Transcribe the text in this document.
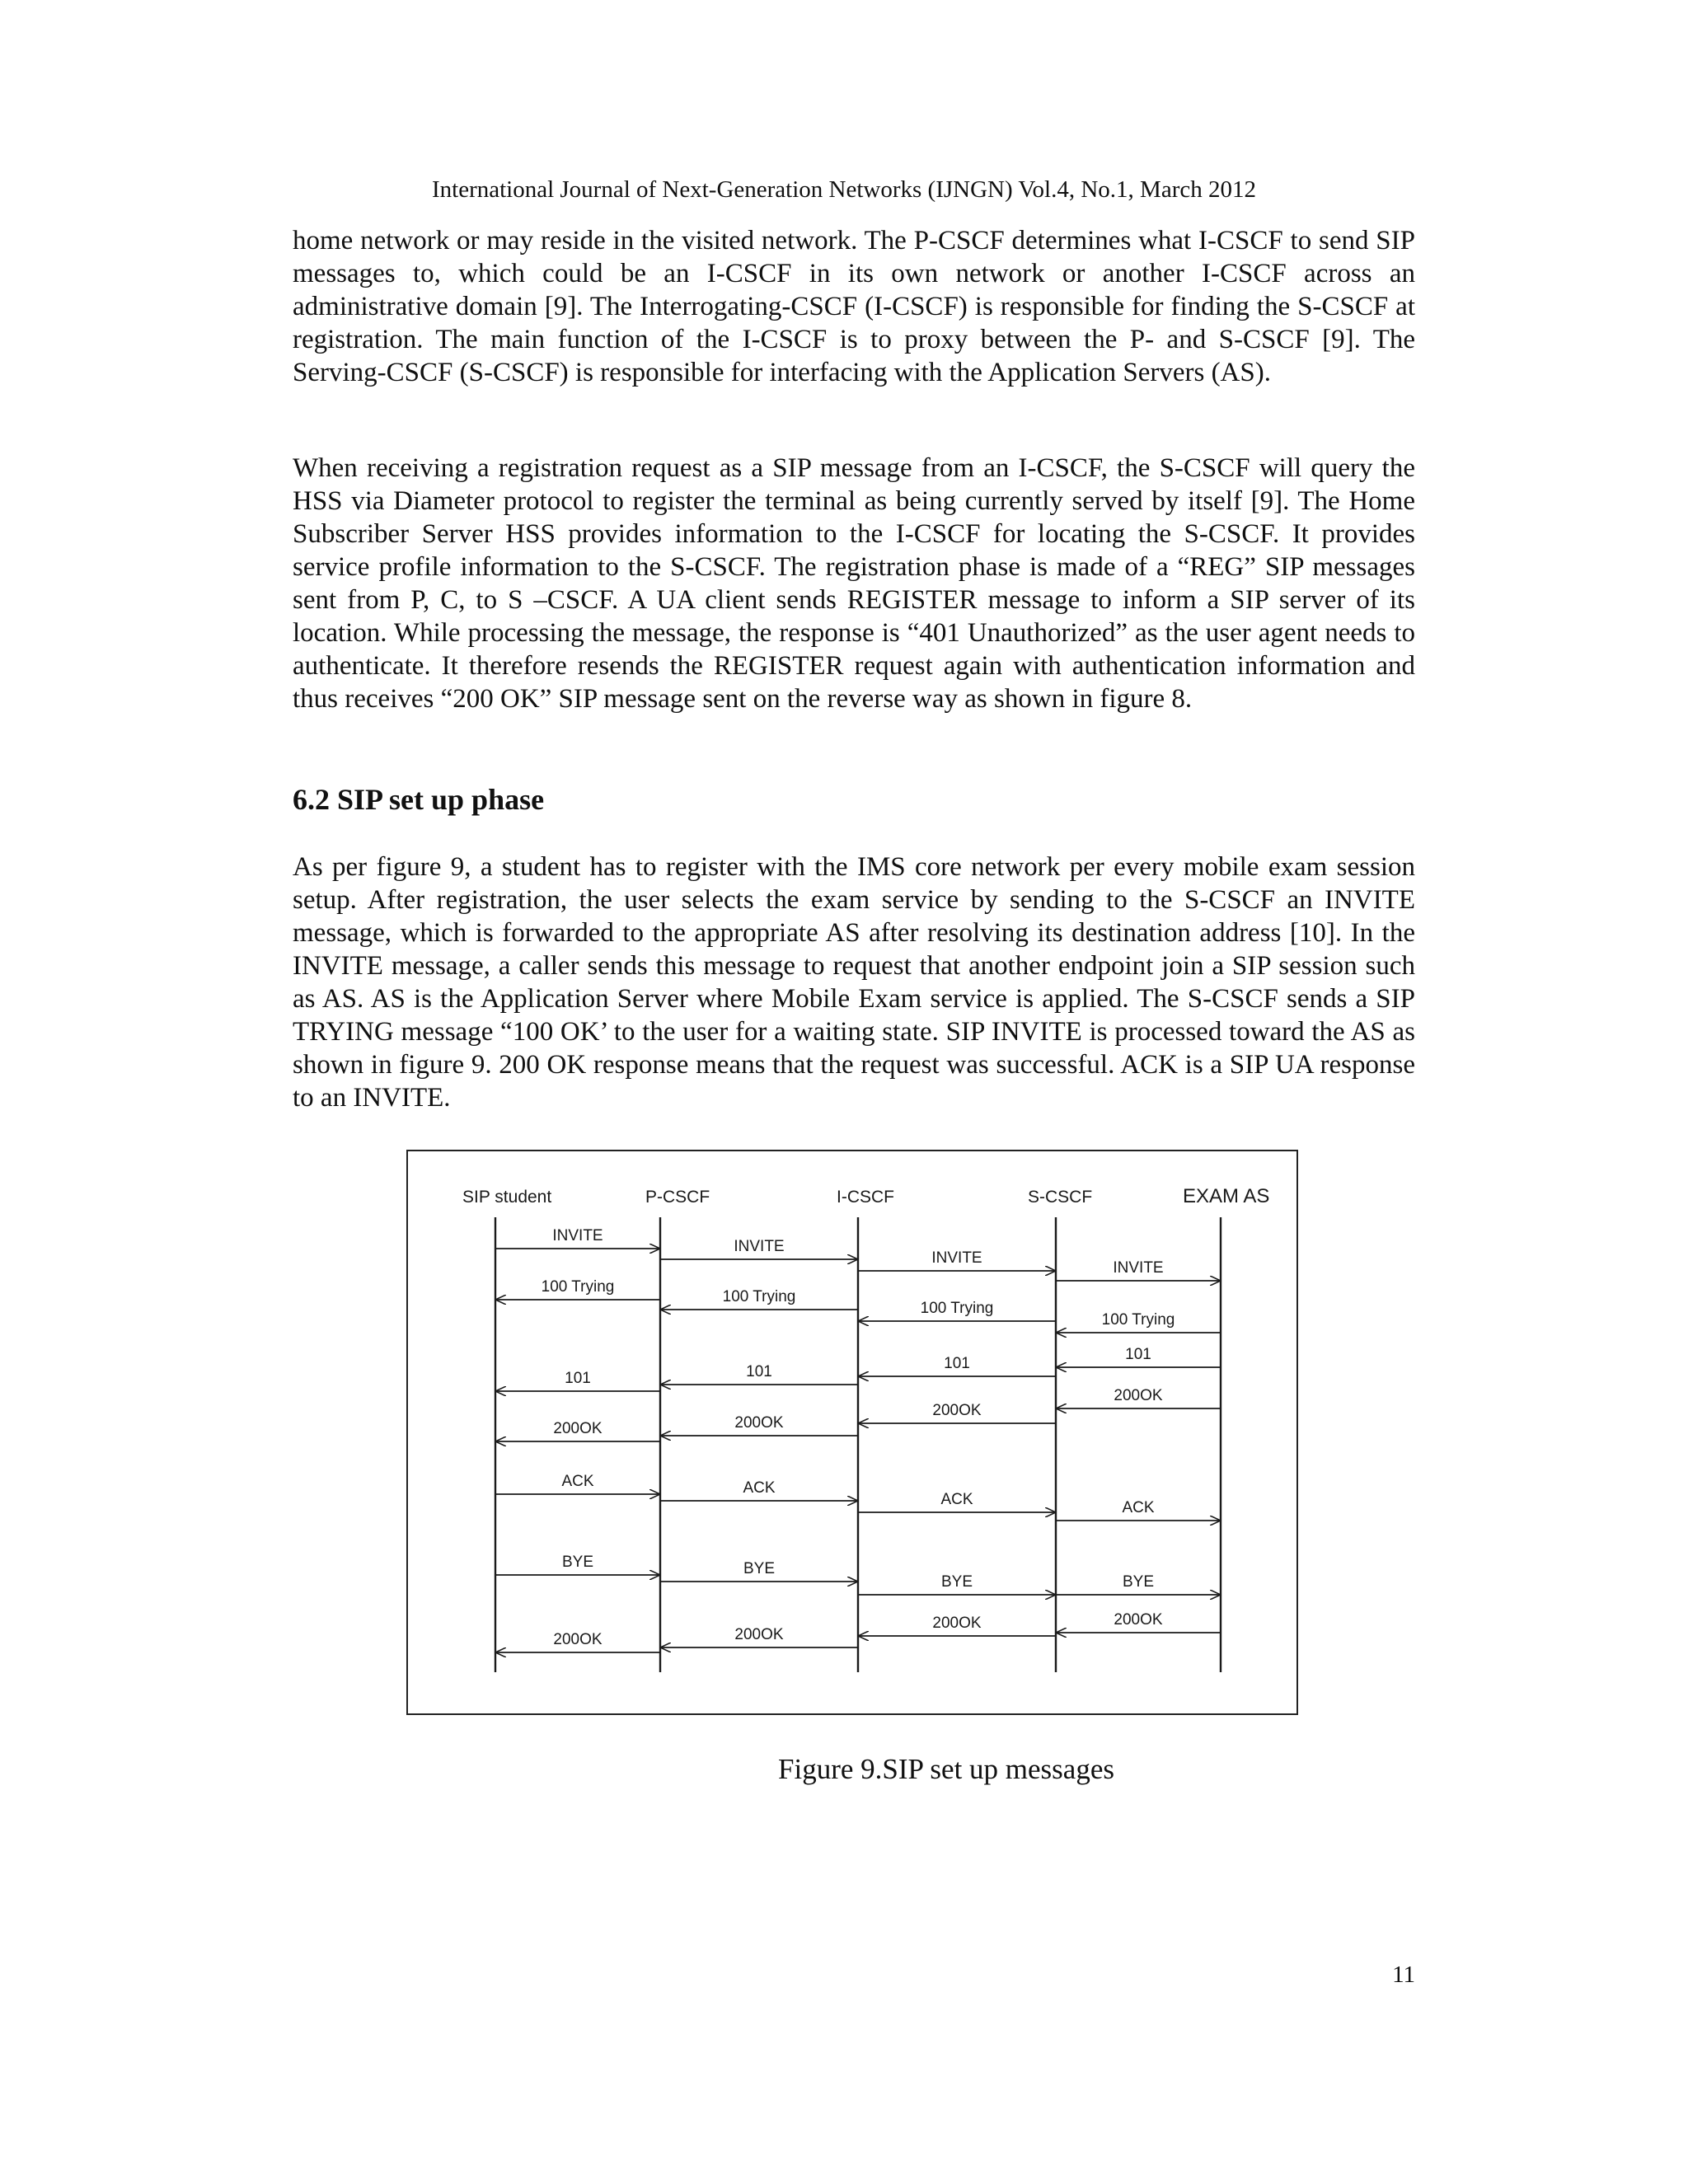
International Journal of Next-Generation Networks (IJNGN) Vol.4, No.1, March 2012

home network or may reside in the visited network. The P-CSCF determines what I-CSCF to send SIP messages to, which could be an I-CSCF in its own network or another I-CSCF across an administrative domain [9]. The Interrogating-CSCF (I-CSCF) is responsible for finding the S-CSCF at registration. The main function of the I-CSCF is to proxy between the P- and S-CSCF [9]. The Serving-CSCF (S-CSCF) is responsible for interfacing with the Application Servers (AS).

When receiving a registration request as a SIP message from an I-CSCF, the S-CSCF will query the HSS via Diameter protocol to register the terminal as being currently served by itself [9]. The Home Subscriber Server HSS provides information to the I-CSCF for locating the S-CSCF. It provides service profile information to the S-CSCF. The registration phase is made of a “REG” SIP messages sent from P, C, to S –CSCF. A UA client sends REGISTER message to inform a SIP server of its location. While processing the message, the response is “401 Unauthorized” as the user agent needs to authenticate. It therefore resends the REGISTER request again with authentication information and thus receives “200 OK” SIP message sent on the reverse way as shown in figure 8.

6.2 SIP set up phase

As per figure 9, a student has to register with the IMS core network per every mobile exam session setup. After registration, the user selects the exam service by sending to the S-CSCF an INVITE message, which is forwarded to the appropriate AS after resolving its destination address [10]. In the INVITE message, a caller sends this message to request that another endpoint join a SIP session such as AS. AS is the Application Server where Mobile Exam service is applied. The S-CSCF sends a SIP TRYING message “100 OK’ to the user for a waiting state. SIP INVITE is processed toward the AS as shown in figure 9. 200 OK response means that the request was successful. ACK is a SIP UA response to an INVITE.

SIP student	P-CSCF	I-CSCF	S-CSCF	EXAM AS
INVITE
INVITE
INVITE
INVITE
100 Trying
100 Trying
100 Trying
100 Trying
101
101
101
101
200OK
200OK
200OK
200OK
ACK	ACK
ACK	ACK
BYE	BYE
BYE	BYE
200OK
200OK
200OK
200OK
Figure 9.SIP set up messages
11
